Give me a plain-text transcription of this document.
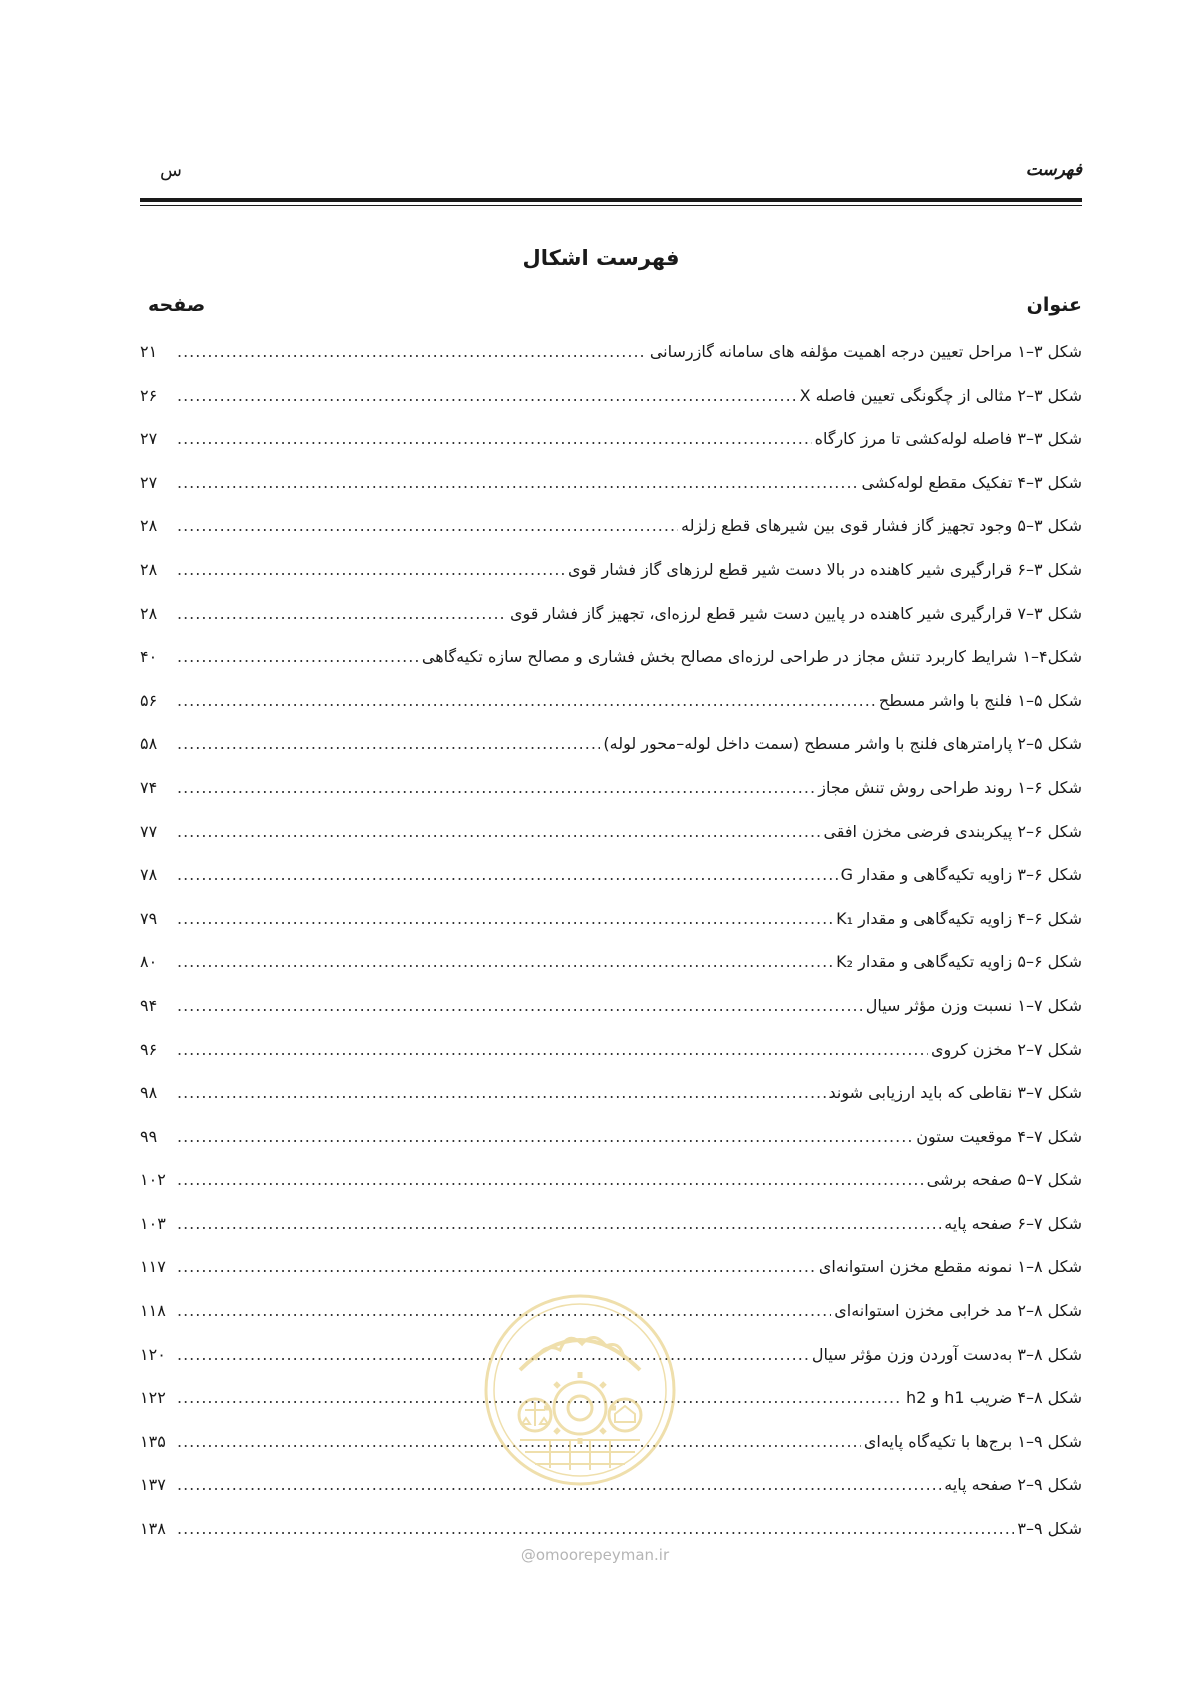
فهرست
س
فهرست اشکال
عنوان
صفحه
شکل ۳–۱ مراحل تعیین درجه اهمیت مؤلفه های سامانه گازرسانی
.....
۲۱
شکل ۳–۲ مثالی از چگونگی تعیین فاصله X
.....
۲۶
شکل ۳–۳ فاصله لوله‌کشی تا مرز کارگاه
.....
۲۷
شکل ۳–۴ تفکیک مقطع لوله‌کشی
.....
۲۷
شکل ۳–۵ وجود تجهیز گاز فشار قوی بین شیرهای قطع زلزله
.....
۲۸
شکل ۳–۶ قرارگیری شیر کاهنده در بالا دست شیر قطع لرزهای گاز فشار قوی
.....
۲۸
شکل ۳–۷ قرارگیری شیر کاهنده در پایین دست شیر قطع لرزه‌ای، تجهیز گاز فشار قوی
.....
۲۸
شکل۴–۱ شرایط کاربرد تنش مجاز در طراحی لرزه‌ای مصالح بخش فشاری و مصالح سازه تکیه‌گاهی
.....
۴۰
شکل ۵–۱ فلنج با واشر مسطح
.....
۵۶
شکل ۵–۲ پارامترهای فلنج با واشر مسطح (سمت داخل لوله–محور لوله)
.....
۵۸
شکل ۶–۱ روند طراحی روش تنش مجاز
.....
۷۴
شکل ۶–۲ پیکربندی فرضی مخزن افقی
.....
۷۷
شکل ۶–۳ زاویه تکیه‌گاهی و مقدار G
.....
۷۸
شکل ۶–۴ زاویه تکیه‌گاهی و مقدار K₁
.....
۷۹
شکل ۶–۵ زاویه تکیه‌گاهی و مقدار K₂
.....
۸۰
شکل ۷–۱ نسبت وزن مؤثر سیال
.....
۹۴
شکل ۷–۲ مخزن کروی
.....
۹۶
شکل ۷–۳ نقاطی که باید ارزیابی شوند
.....
۹۸
شکل ۷–۴ موقعیت ستون
.....
۹۹
شکل ۷–۵ صفحه برشی
.....
۱۰۲
شکل ۷–۶ صفحه پایه
.....
۱۰۳
شکل ۸–۱ نمونه مقطع مخزن استوانه‌ای
.....
۱۱۷
شکل ۸–۲ مد خرابی مخزن استوانه‌ای
.....
۱۱۸
شکل ۸–۳ به‌دست آوردن وزن مؤثر سیال
.....
۱۲۰
شکل ۸–۴ ضریب h1 و h2
.....
۱۲۲
شکل ۹–۱ برج‌ها با تکیه‌گاه پایه‌ای
.....
۱۳۵
شکل ۹–۲ صفحه پایه
.....
۱۳۷
شکل ۹–۳
.....
۱۳۸
@omoorepeyman.ir
